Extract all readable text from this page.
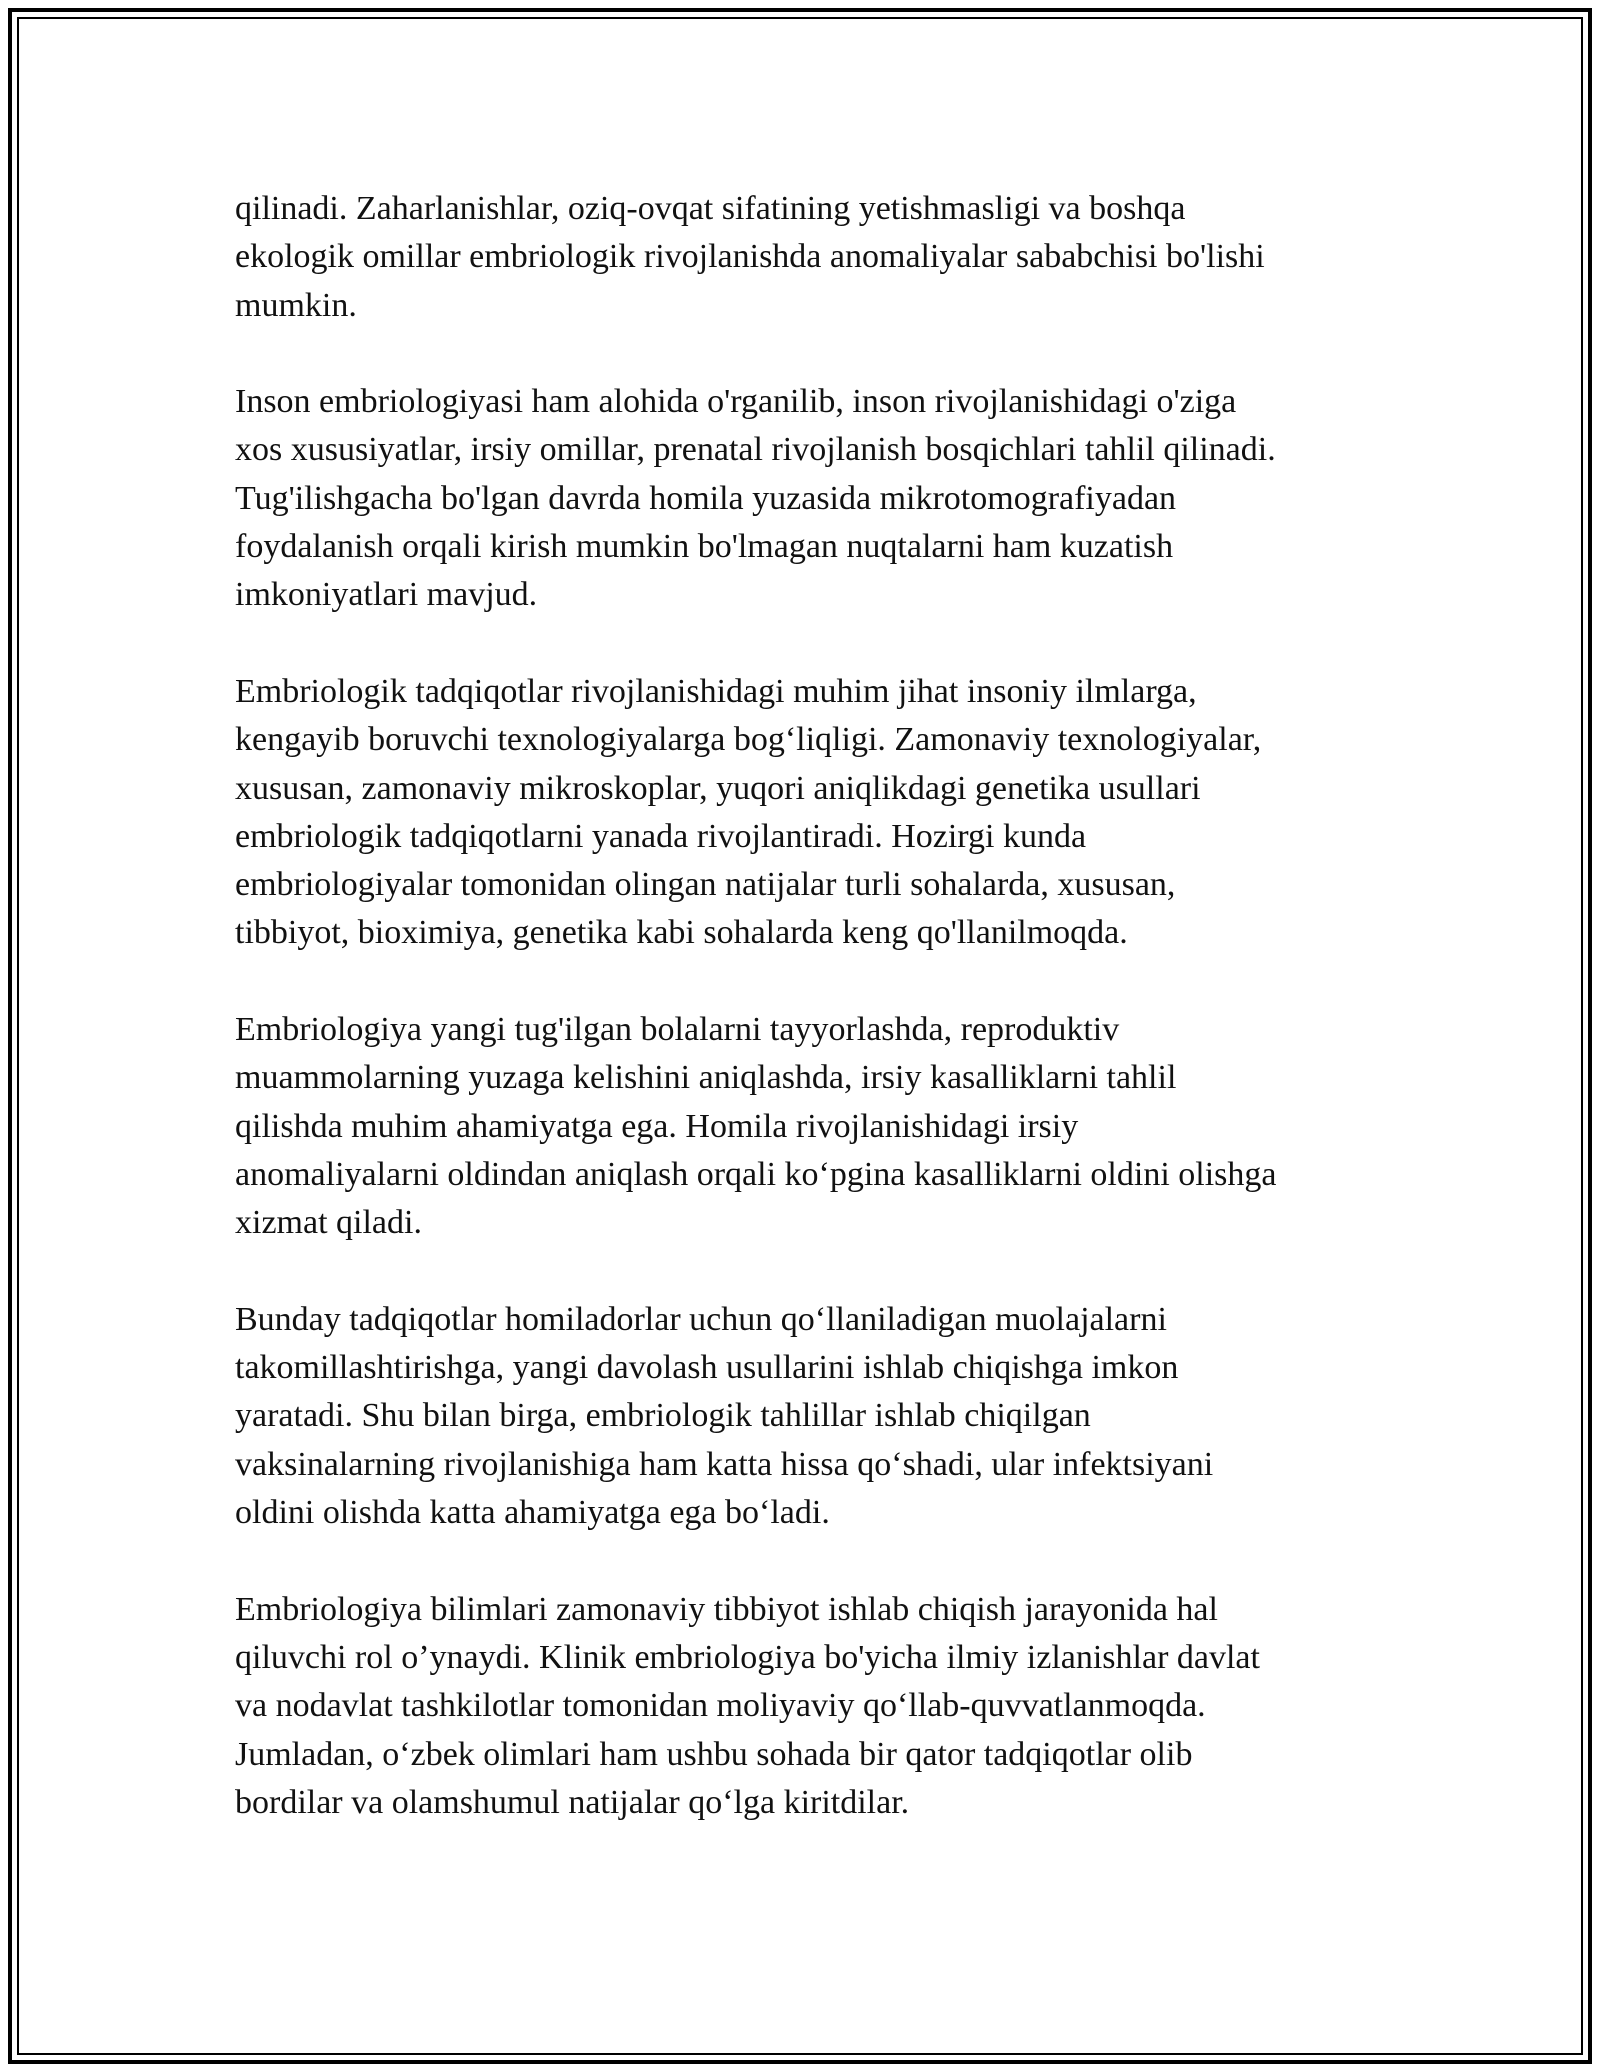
qilinadi. Zaharlanishlar, oziq-ovqat sifatining yetishmasligi va boshqa
ekologik omillar embriologik rivojlanishda anomaliyalar sababchisi bo'lishi
mumkin.

Inson embriologiyasi ham alohida o'rganilib, inson rivojlanishidagi o'ziga
xos xususiyatlar, irsiy omillar, prenatal rivojlanish bosqichlari tahlil qilinadi.
Tug'ilishgacha bo'lgan davrda homila yuzasida mikrotomografiyadan
foydalanish orqali kirish mumkin bo'lmagan nuqtalarni ham kuzatish
imkoniyatlari mavjud.

Embriologik tadqiqotlar rivojlanishidagi muhim jihat insoniy ilmlarga,
kengayib boruvchi texnologiyalarga bog‘liqligi. Zamonaviy texnologiyalar,
xususan, zamonaviy mikroskoplar, yuqori aniqlikdagi genetika usullari
embriologik tadqiqotlarni yanada rivojlantiradi. Hozirgi kunda
embriologiyalar tomonidan olingan natijalar turli sohalarda, xususan,
tibbiyot, bioximiya, genetika kabi sohalarda keng qo'llanilmoqda.

Embriologiya yangi tug'ilgan bolalarni tayyorlashda, reproduktiv
muammolarning yuzaga kelishini aniqlashda, irsiy kasalliklarni tahlil
qilishda muhim ahamiyatga ega. Homila rivojlanishidagi irsiy
anomaliyalarni oldindan aniqlash orqali ko‘pgina kasalliklarni oldini olishga
xizmat qiladi.

Bunday tadqiqotlar homiladorlar uchun qo‘llaniladigan muolajalarni
takomillashtirishga, yangi davolash usullarini ishlab chiqishga imkon
yaratadi. Shu bilan birga, embriologik tahlillar ishlab chiqilgan
vaksinalarning rivojlanishiga ham katta hissa qo‘shadi, ular infektsiyani
oldini olishda katta ahamiyatga ega bo‘ladi.

Embriologiya bilimlari zamonaviy tibbiyot ishlab chiqish jarayonida hal
qiluvchi rol o’ynaydi. Klinik embriologiya bo'yicha ilmiy izlanishlar davlat
va nodavlat tashkilotlar tomonidan moliyaviy qo‘llab-quvvatlanmoqda.
Jumladan, o‘zbek olimlari ham ushbu sohada bir qator tadqiqotlar olib
bordilar va olamshumul natijalar qo‘lga kiritdilar.
